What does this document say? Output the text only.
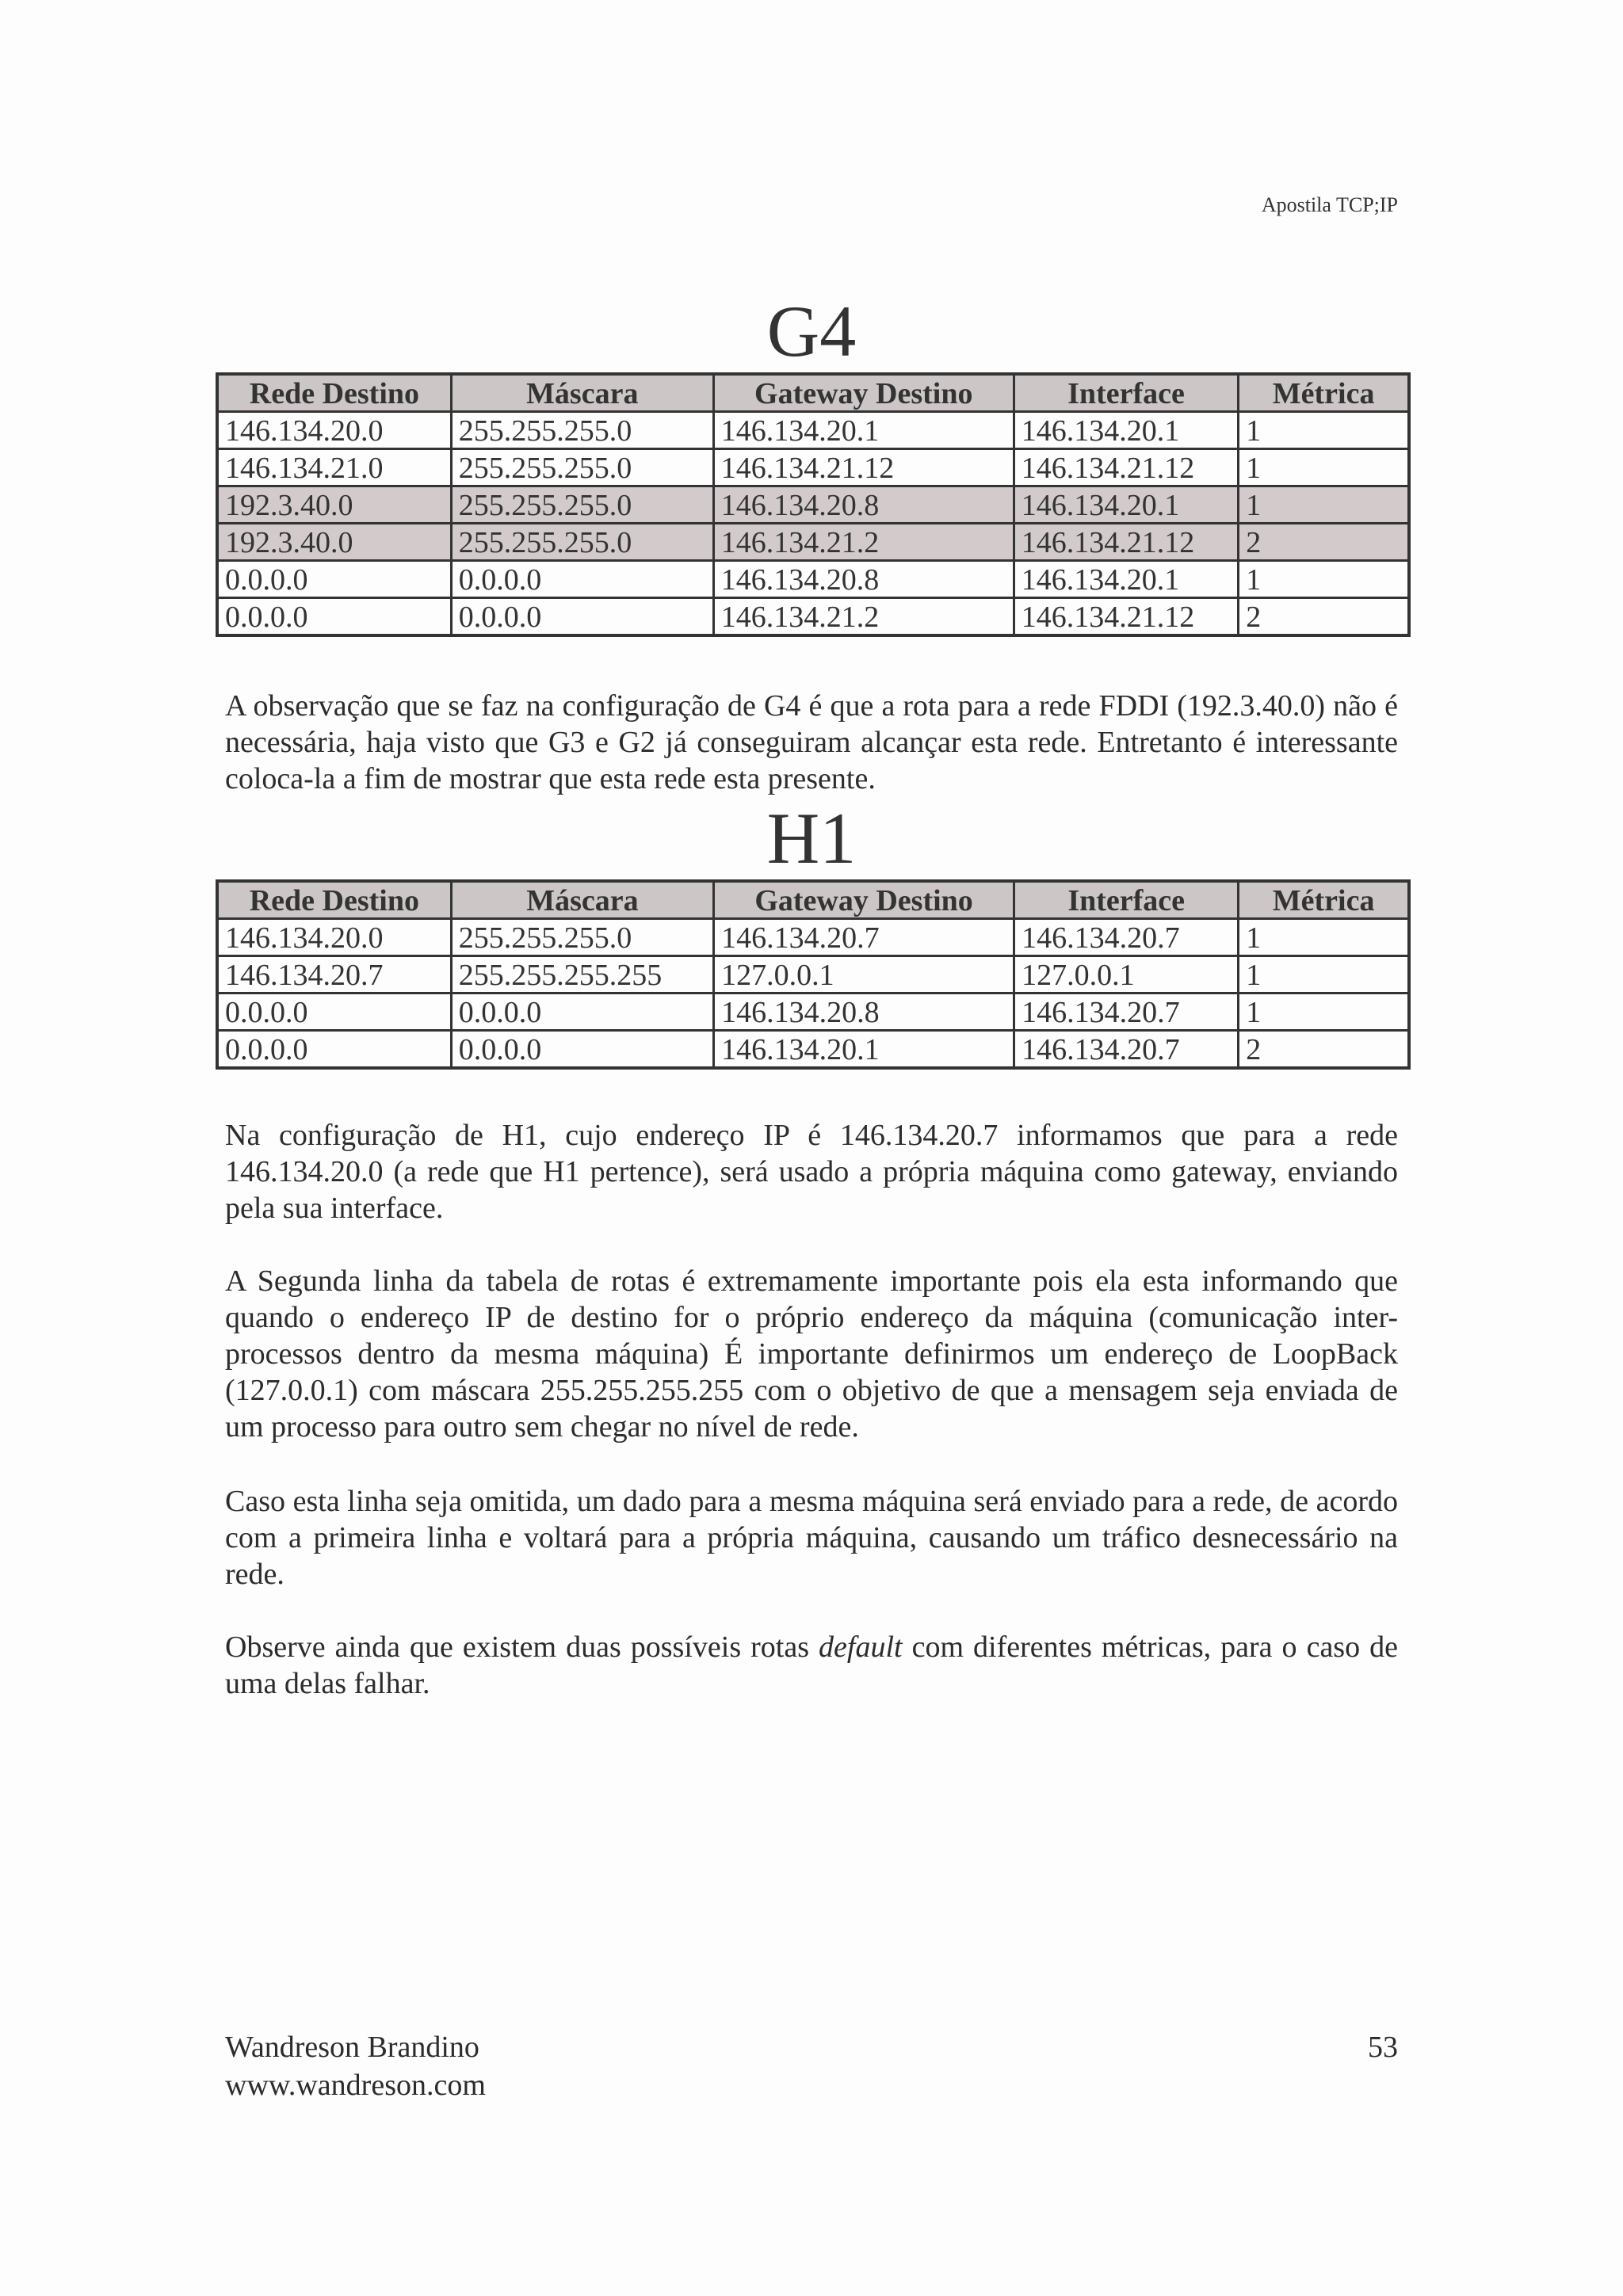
Apostila TCP;IP
G4
Rede Destino	Máscara	Gateway Destino	Interface	Métrica
146.134.20.0	255.255.255.0	146.134.20.1	146.134.20.1	1
146.134.21.0	255.255.255.0	146.134.21.12	146.134.21.12	1
192.3.40.0	255.255.255.0	146.134.20.8	146.134.20.1	1
192.3.40.0	255.255.255.0	146.134.21.2	146.134.21.12	2
0.0.0.0	0.0.0.0	146.134.20.8	146.134.20.1	1
0.0.0.0	0.0.0.0	146.134.21.2	146.134.21.12	2

A observação que se faz na configuração de G4 é que a rota para a rede FDDI (192.3.40.0) não é necessária, haja visto que G3 e G2 já conseguiram alcançar esta rede. Entretanto é interessante coloca-la a fim de mostrar que esta rede esta presente.

H1
Rede Destino	Máscara	Gateway Destino	Interface	Métrica
146.134.20.0	255.255.255.0	146.134.20.7	146.134.20.7	1
146.134.20.7	255.255.255.255	127.0.0.1	127.0.0.1	1
0.0.0.0	0.0.0.0	146.134.20.8	146.134.20.7	1
0.0.0.0	0.0.0.0	146.134.20.1	146.134.20.7	2

Na configuração de H1, cujo endereço IP é 146.134.20.7 informamos que para a rede 146.134.20.0 (a rede que H1 pertence), será usado a própria máquina como gateway, enviando pela sua interface.

A Segunda linha da tabela de rotas é extremamente importante pois ela esta informando que quando o endereço IP de destino for o próprio endereço da máquina (comunicação inter-processos dentro da mesma máquina) É importante definirmos um endereço de LoopBack (127.0.0.1) com máscara 255.255.255.255 com o objetivo de que a mensagem seja enviada de um processo para outro sem chegar no nível de rede.

Caso esta linha seja omitida, um dado para a mesma máquina será enviado para a rede, de acordo com a primeira linha e voltará para a própria máquina, causando um tráfico desnecessário na rede.

Observe ainda que existem duas possíveis rotas default com diferentes métricas, para o caso de uma delas falhar.

Wandreson Brandino
www.wandreson.com
53
